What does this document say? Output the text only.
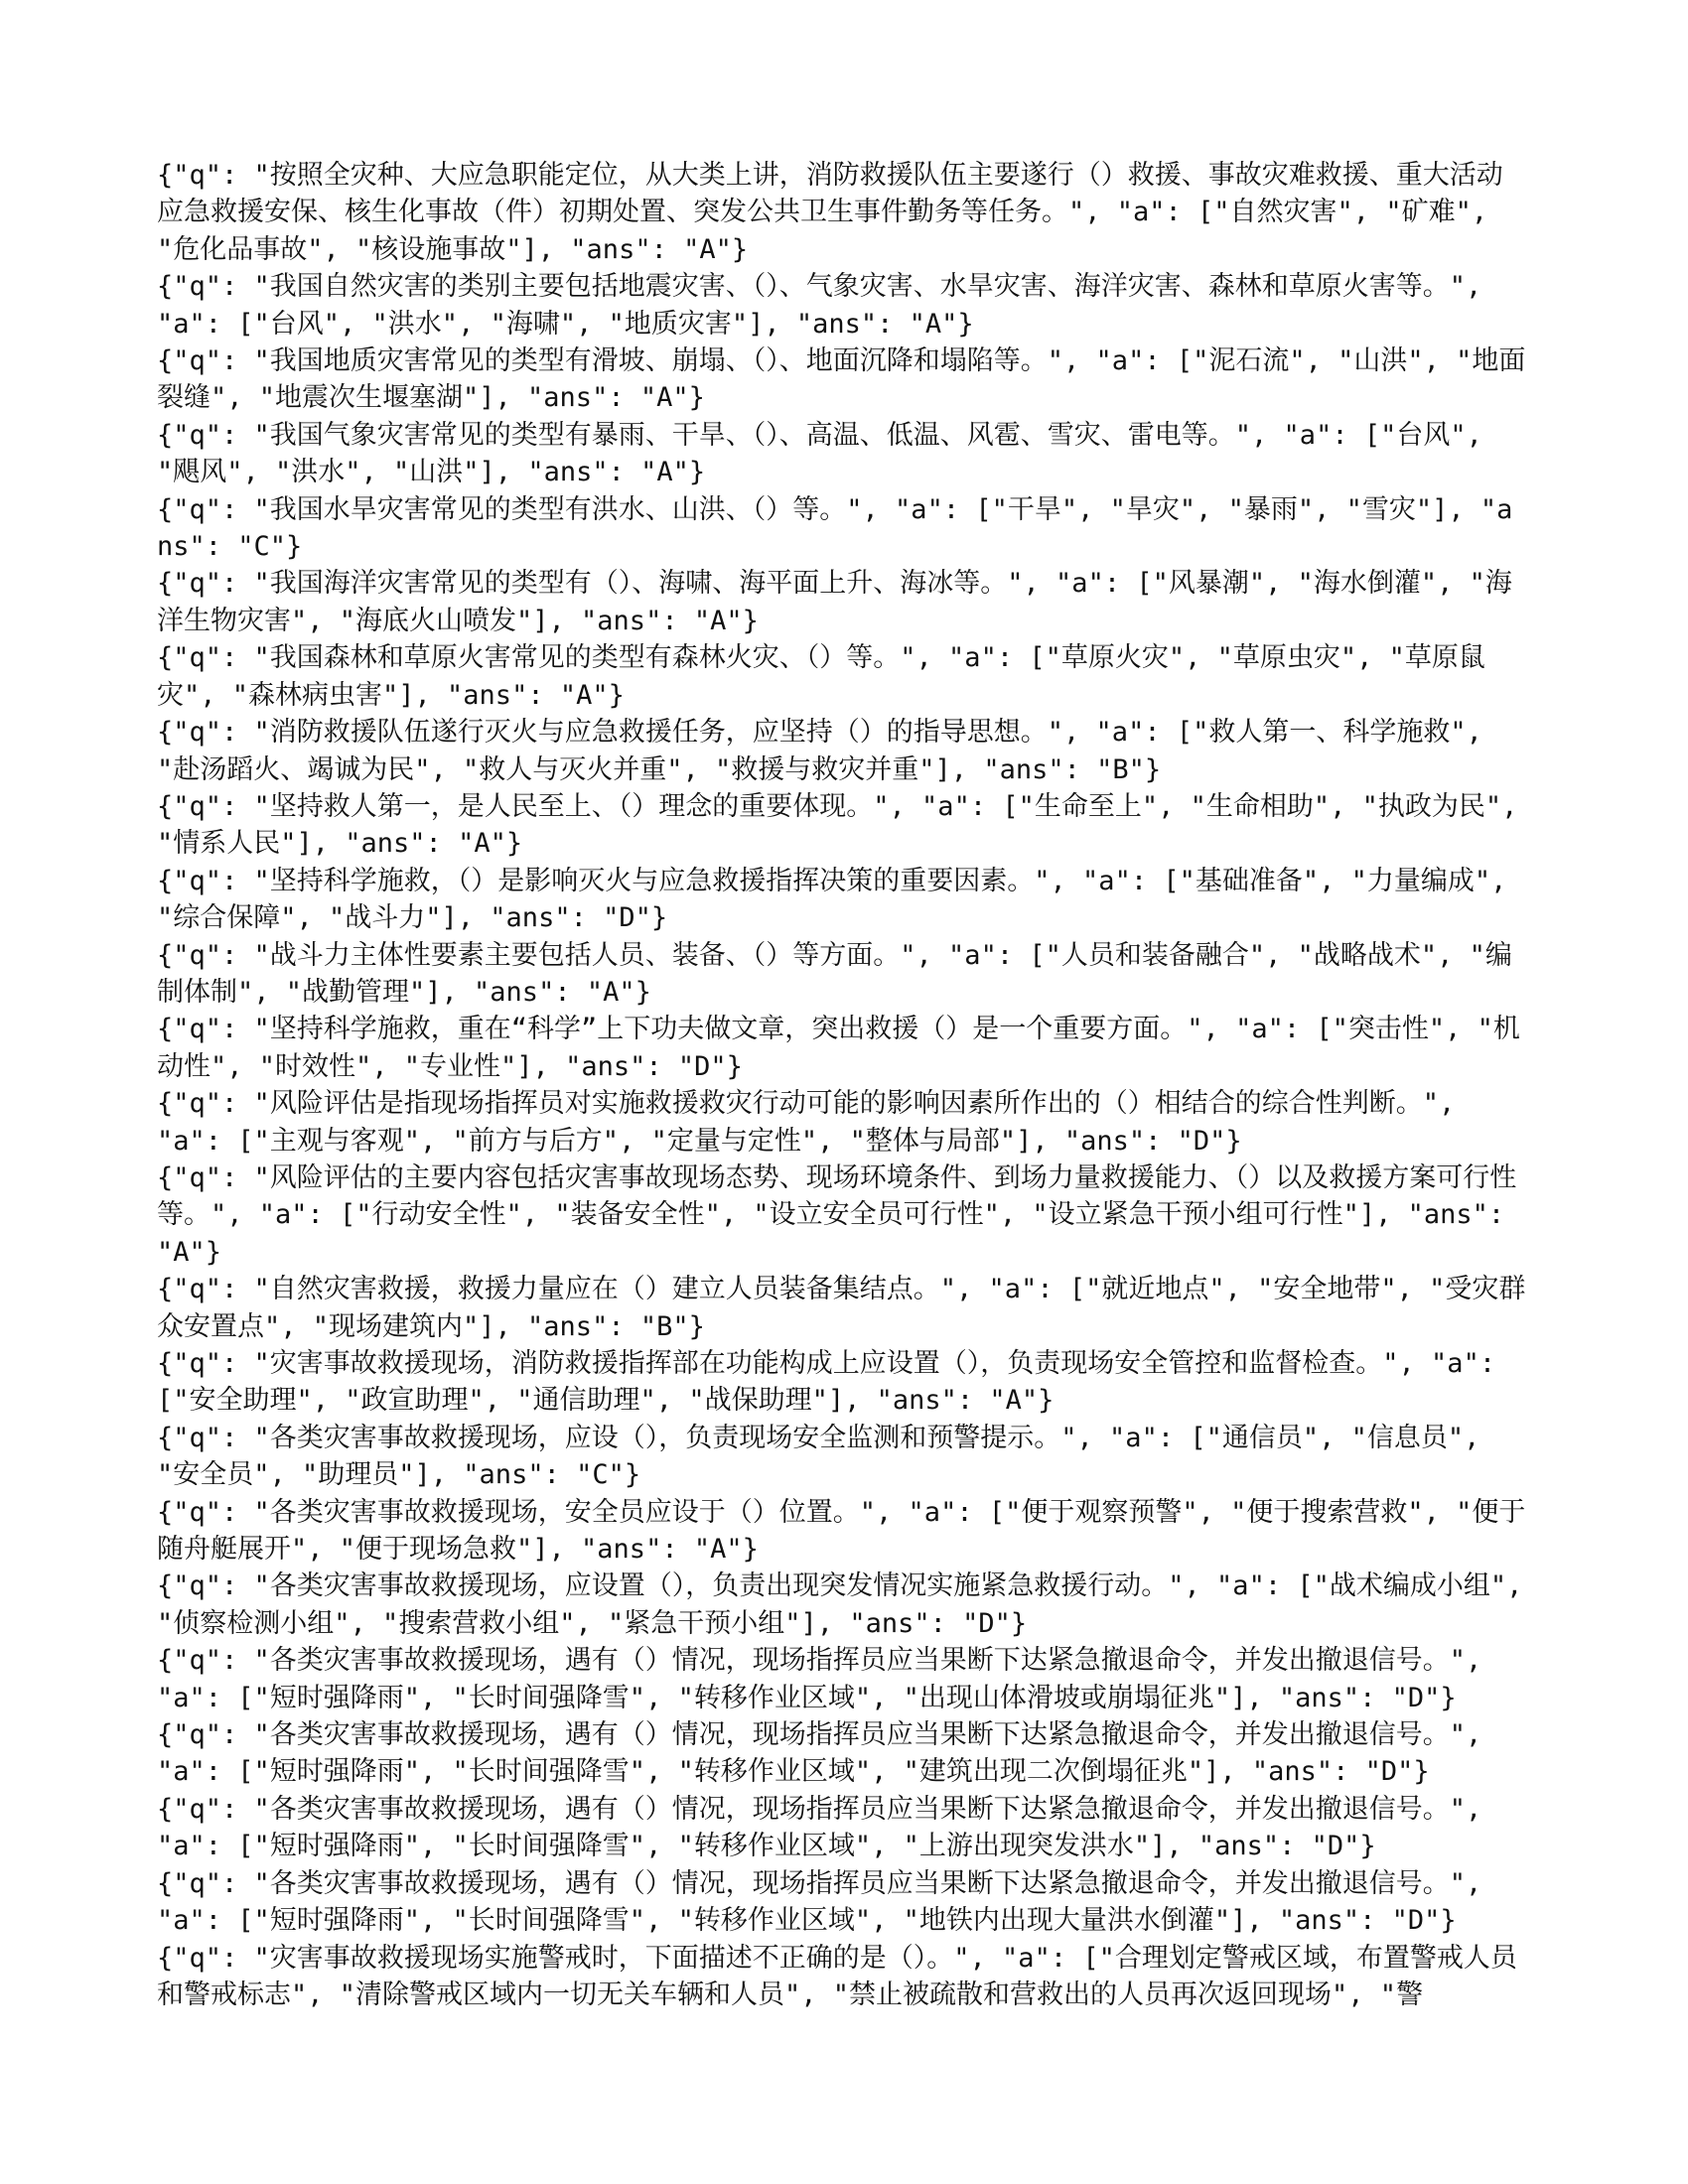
{"q": "按照全灾种、大应急职能定位，从大类上讲，消防救援队伍主要遂行（）救援、事故灾难救援、重大活动应急救援安保、核生化事故（件）初期处置、突发公共卫生事件勤务等任务。", "a": ["自然灾害", "矿难", "危化品事故", "核设施事故"], "ans": "A"}

{"q": "我国自然灾害的类别主要包括地震灾害、（）、气象灾害、水旱灾害、海洋灾害、森林和草原火害等。", "a": ["台风", "洪水", "海啸", "地质灾害"], "ans": "A"}

{"q": "我国地质灾害常见的类型有滑坡、崩塌、（）、地面沉降和塌陷等。", "a": ["泥石流", "山洪", "地面裂缝", "地震次生堰塞湖"], "ans": "A"}

{"q": "我国气象灾害常见的类型有暴雨、干旱、（）、高温、低温、风雹、雪灾、雷电等。", "a": ["台风", "飓风", "洪水", "山洪"], "ans": "A"}

{"q": "我国水旱灾害常见的类型有洪水、山洪、（）等。", "a": ["干旱", "旱灾", "暴雨", "雪灾"], "ans": "C"}

{"q": "我国海洋灾害常见的类型有（）、海啸、海平面上升、海冰等。", "a": ["风暴潮", "海水倒灌", "海洋生物灾害", "海底火山喷发"], "ans": "A"}

{"q": "我国森林和草原火害常见的类型有森林火灾、（）等。", "a": ["草原火灾", "草原虫灾", "草原鼠灾", "森林病虫害"], "ans": "A"}

{"q": "消防救援队伍遂行灭火与应急救援任务，应坚持（）的指导思想。", "a": ["救人第一、科学施救", "赴汤蹈火、竭诚为民", "救人与灭火并重", "救援与救灾并重"], "ans": "B"}

{"q": "坚持救人第一，是人民至上、（）理念的重要体现。", "a": ["生命至上", "生命相助", "执政为民", "情系人民"], "ans": "A"}

{"q": "坚持科学施救，（）是影响灭火与应急救援指挥决策的重要因素。", "a": ["基础准备", "力量编成", "综合保障", "战斗力"], "ans": "D"}

{"q": "战斗力主体性要素主要包括人员、装备、（）等方面。", "a": ["人员和装备融合", "战略战术", "编制体制", "战勤管理"], "ans": "A"}

{"q": "坚持科学施救，重在“科学”上下功夫做文章，突出救援（）是一个重要方面。", "a": ["突击性", "机动性", "时效性", "专业性"], "ans": "D"}

{"q": "风险评估是指现场指挥员对实施救援救灾行动可能的影响因素所作出的（）相结合的综合性判断。", "a": ["主观与客观", "前方与后方", "定量与定性", "整体与局部"], "ans": "D"}

{"q": "风险评估的主要内容包括灾害事故现场态势、现场环境条件、到场力量救援能力、（）以及救援方案可行性等。", "a": ["行动安全性", "装备安全性", "设立安全员可行性", "设立紧急干预小组可行性"], "ans": "A"}

{"q": "自然灾害救援，救援力量应在（）建立人员装备集结点。", "a": ["就近地点", "安全地带", "受灾群众安置点", "现场建筑内"], "ans": "B"}

{"q": "灾害事故救援现场，消防救援指挥部在功能构成上应设置（），负责现场安全管控和监督检查。", "a": ["安全助理", "政宣助理", "通信助理", "战保助理"], "ans": "A"}

{"q": "各类灾害事故救援现场，应设（），负责现场安全监测和预警提示。", "a": ["通信员", "信息员", "安全员", "助理员"], "ans": "C"}

{"q": "各类灾害事故救援现场，安全员应设于（）位置。", "a": ["便于观察预警", "便于搜索营救", "便于随舟艇展开", "便于现场急救"], "ans": "A"}

{"q": "各类灾害事故救援现场，应设置（），负责出现突发情况实施紧急救援行动。", "a": ["战术编成小组", "侦察检测小组", "搜索营救小组", "紧急干预小组"], "ans": "D"}

{"q": "各类灾害事故救援现场，遇有（）情况，现场指挥员应当果断下达紧急撤退命令，并发出撤退信号。", "a": ["短时强降雨", "长时间强降雪", "转移作业区域", "出现山体滑坡或崩塌征兆"], "ans": "D"}

{"q": "各类灾害事故救援现场，遇有（）情况，现场指挥员应当果断下达紧急撤退命令，并发出撤退信号。", "a": ["短时强降雨", "长时间强降雪", "转移作业区域", "建筑出现二次倒塌征兆"], "ans": "D"}

{"q": "各类灾害事故救援现场，遇有（）情况，现场指挥员应当果断下达紧急撤退命令，并发出撤退信号。", "a": ["短时强降雨", "长时间强降雪", "转移作业区域", "上游出现突发洪水"], "ans": "D"}

{"q": "各类灾害事故救援现场，遇有（）情况，现场指挥员应当果断下达紧急撤退命令，并发出撤退信号。", "a": ["短时强降雨", "长时间强降雪", "转移作业区域", "地铁内出现大量洪水倒灌"], "ans": "D"}

{"q": "灾害事故救援现场实施警戒时，下面描述不正确的是（）。", "a": ["合理划定警戒区域，布置警戒人员和警戒标志", "清除警戒区域内一切无关车辆和人员", "禁止被疏散和营救出的人员再次返回现场", "警
